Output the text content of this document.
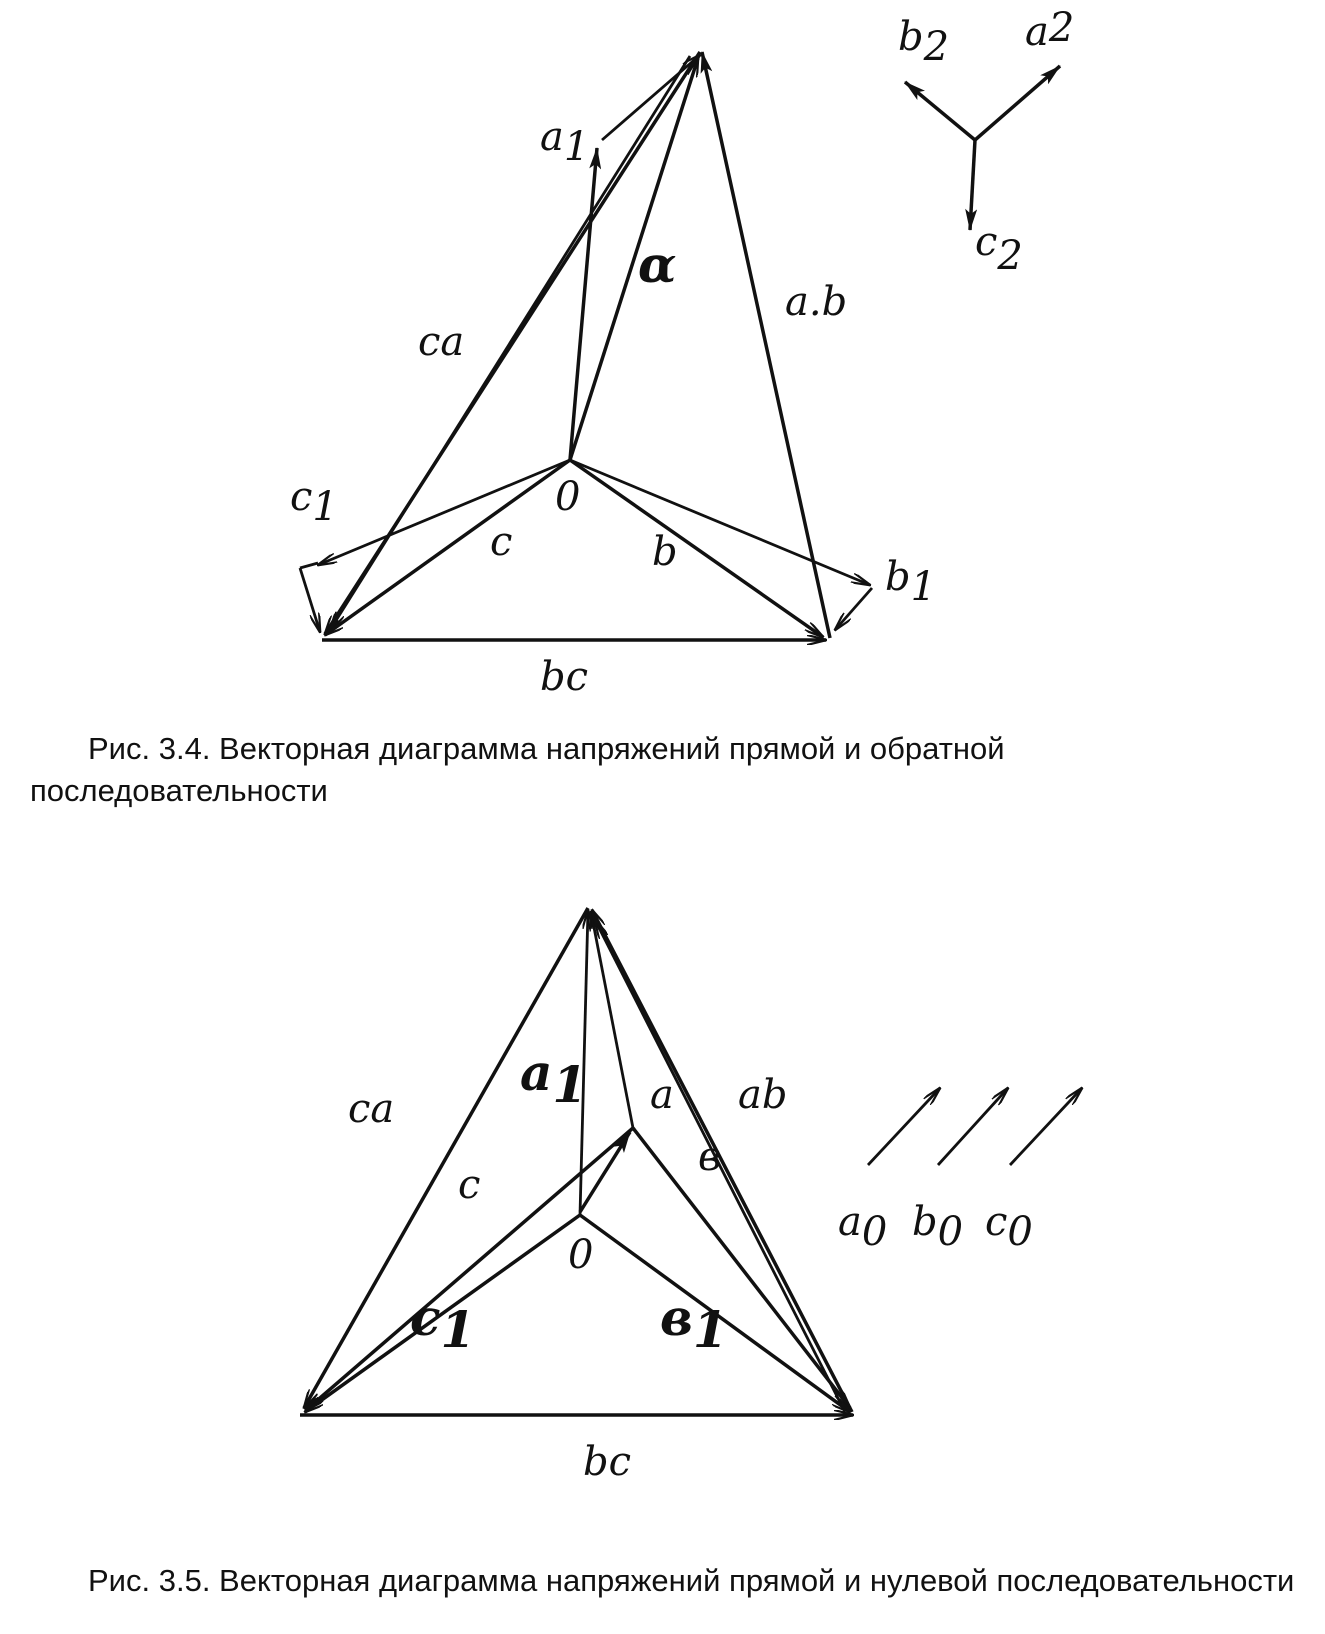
a1
α
a.b
ca
c1	0
c	b
b1
bc
b2 a2
c2

Рис. 3.4. Векторная диаграмма напряжений прямой и обратной последовательности

a1
ca	a ab
в
c
0
c1	в1
bc
a0 b0 c0

Рис. 3.5. Векторная диаграмма напряжений прямой и нулевой последовательности
